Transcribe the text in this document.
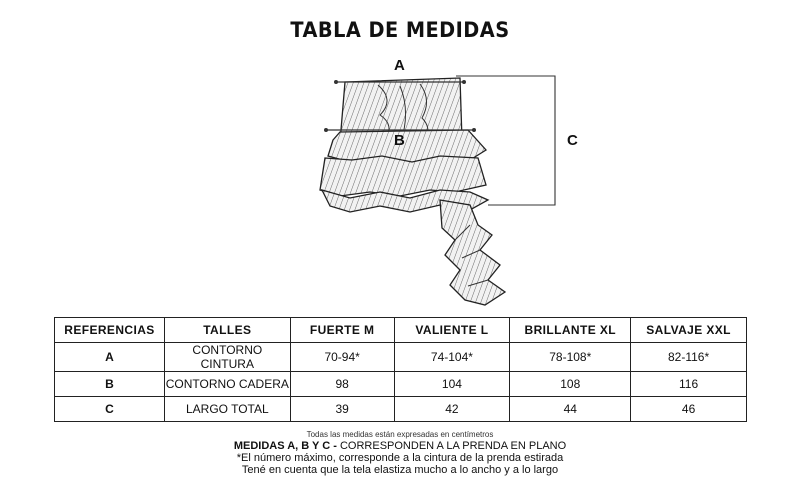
TABLA DE MEDIDAS
A
B	C
REFERENCIAS	TALLES	FUERTE M	VALIENTE L	BRILLANTE XL	SALVAJE XXL
A	CONTORNO CINTURA	70-94*	74-104*	78-108*	82-116*
B	CONTORNO CADERA	98	104	108	116
C	LARGO TOTAL	39	42	44	46
Todas las medidas están expresadas en centímetros
MEDIDAS A, B Y C - CORRESPONDEN A LA PRENDA EN PLANO
*El número máximo, corresponde a la cintura de la prenda estirada
Tené en cuenta que la tela elastiza mucho a lo ancho y a lo largo
